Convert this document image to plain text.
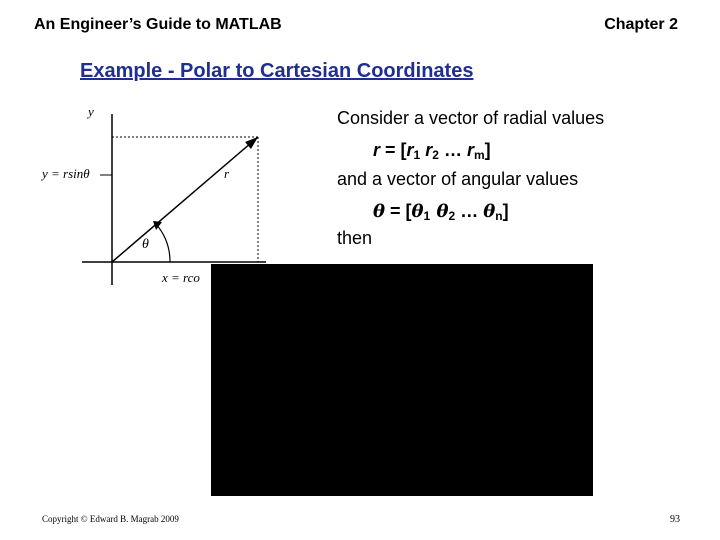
An Engineer’s Guide to MATLAB	Chapter 2
Example - Polar to Cartesian Coordinates
y
y = rsinθ	r
θ
x = rco
Consider a vector of radial values
$r = [r_1$ $r_2$ … $r_m$]
and a vector of angular values
$\theta = [\theta_1$ $\theta_2$ … $\theta_n$]
then
Copyright © Edward B. Magrab 2009	93
